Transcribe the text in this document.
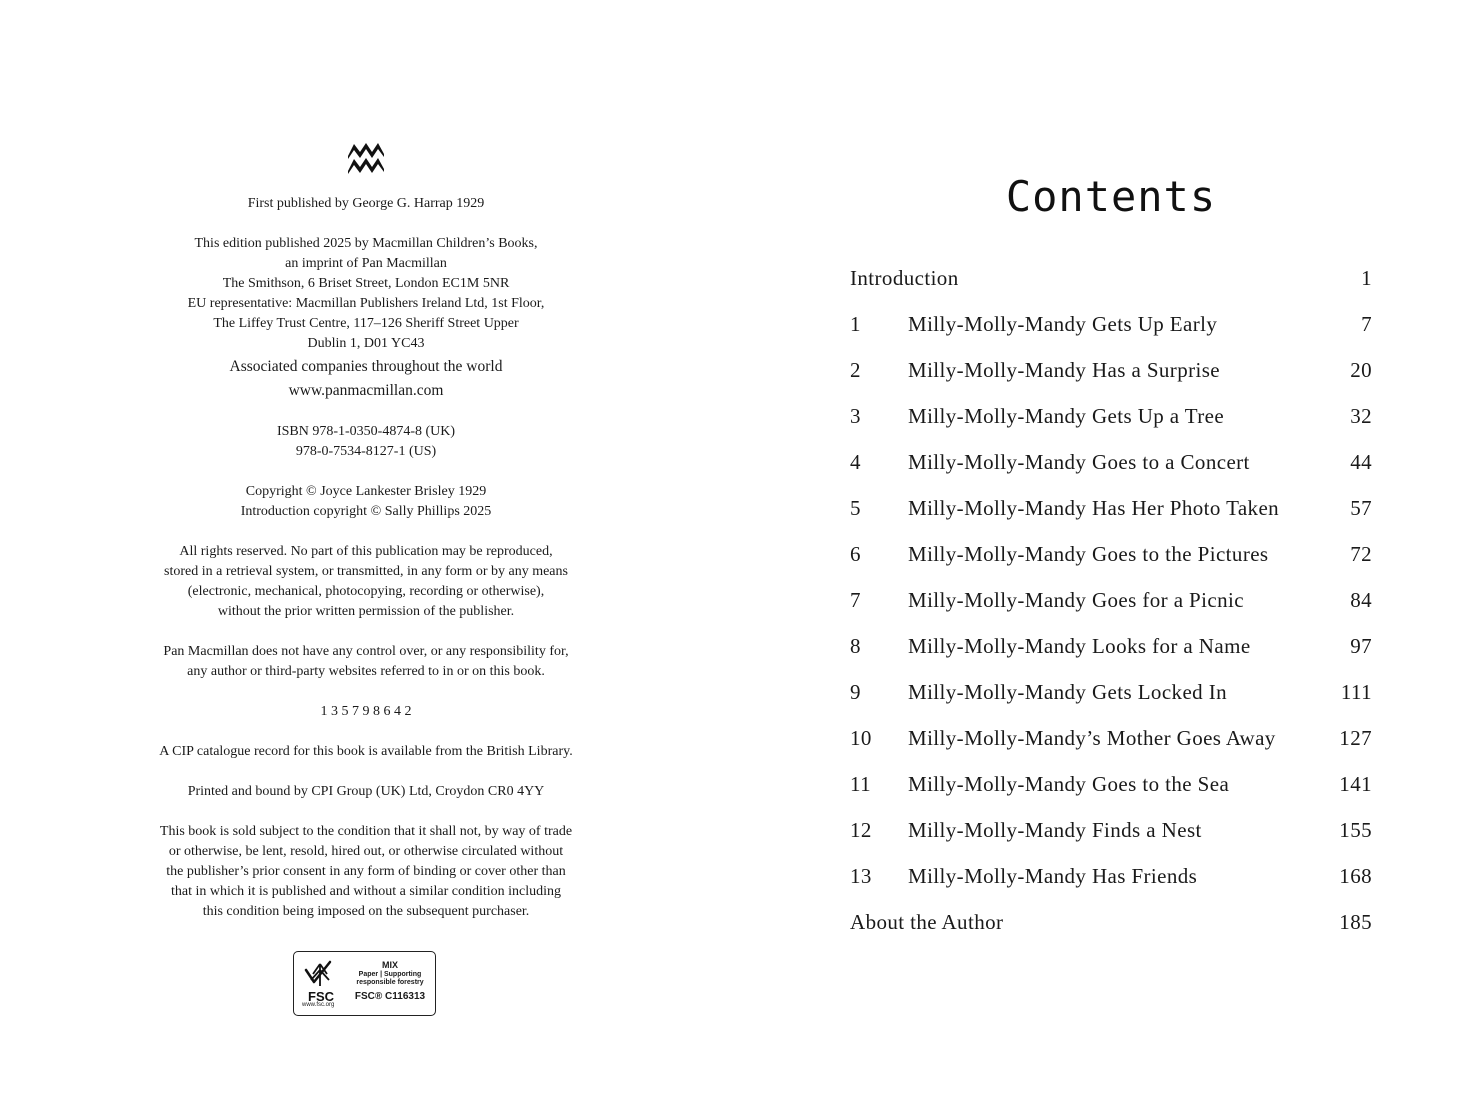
First published by George G. Harrap 1929
This edition published 2025 by Macmillan Children’s Books,
an imprint of Pan Macmillan
The Smithson, 6 Briset Street, London EC1M 5NR
EU representative: Macmillan Publishers Ireland Ltd, 1st Floor,
The Liffey Trust Centre, 117–126 Sheriff Street Upper
Dublin 1, D01 YC43
Associated companies throughout the world
www.panmacmillan.com
ISBN 978-1-0350-4874-8 (UK)
978-0-7534-8127-1 (US)
Copyright © Joyce Lankester Brisley 1929
Introduction copyright © Sally Phillips 2025
All rights reserved. No part of this publication may be reproduced,
stored in a retrieval system, or transmitted, in any form or by any means
(electronic, mechanical, photocopying, recording or otherwise),
without the prior written permission of the publisher.
Pan Macmillan does not have any control over, or any responsibility for,
any author or third-party websites referred to in or on this book.
1 3 5 7 9 8 6 4 2
A CIP catalogue record for this book is available from the British Library.
Printed and bound by CPI Group (UK) Ltd, Croydon CR0 4YY
This book is sold subject to the condition that it shall not, by way of trade
or otherwise, be lent, resold, hired out, or otherwise circulated without
the publisher’s prior consent in any form of binding or cover other than
that in which it is published and without a similar condition including
this condition being imposed on the subsequent purchaser.
FSC
www.fsc.org
MIX
Paper | Supporting
responsible forestry
FSC® C116313
Contents
Introduction	1
1 Milly-Molly-Mandy Gets Up Early	7
2 Milly-Molly-Mandy Has a Surprise	20
3 Milly-Molly-Mandy Gets Up a Tree	32
4 Milly-Molly-Mandy Goes to a Concert	44
5 Milly-Molly-Mandy Has Her Photo Taken	57
6 Milly-Molly-Mandy Goes to the Pictures	72
7 Milly-Molly-Mandy Goes for a Picnic	84
8 Milly-Molly-Mandy Looks for a Name	97
9 Milly-Molly-Mandy Gets Locked In	111
10 Milly-Molly-Mandy’s Mother Goes Away	127
11 Milly-Molly-Mandy Goes to the Sea	141
12 Milly-Molly-Mandy Finds a Nest	155
13 Milly-Molly-Mandy Has Friends	168
About the Author	185
